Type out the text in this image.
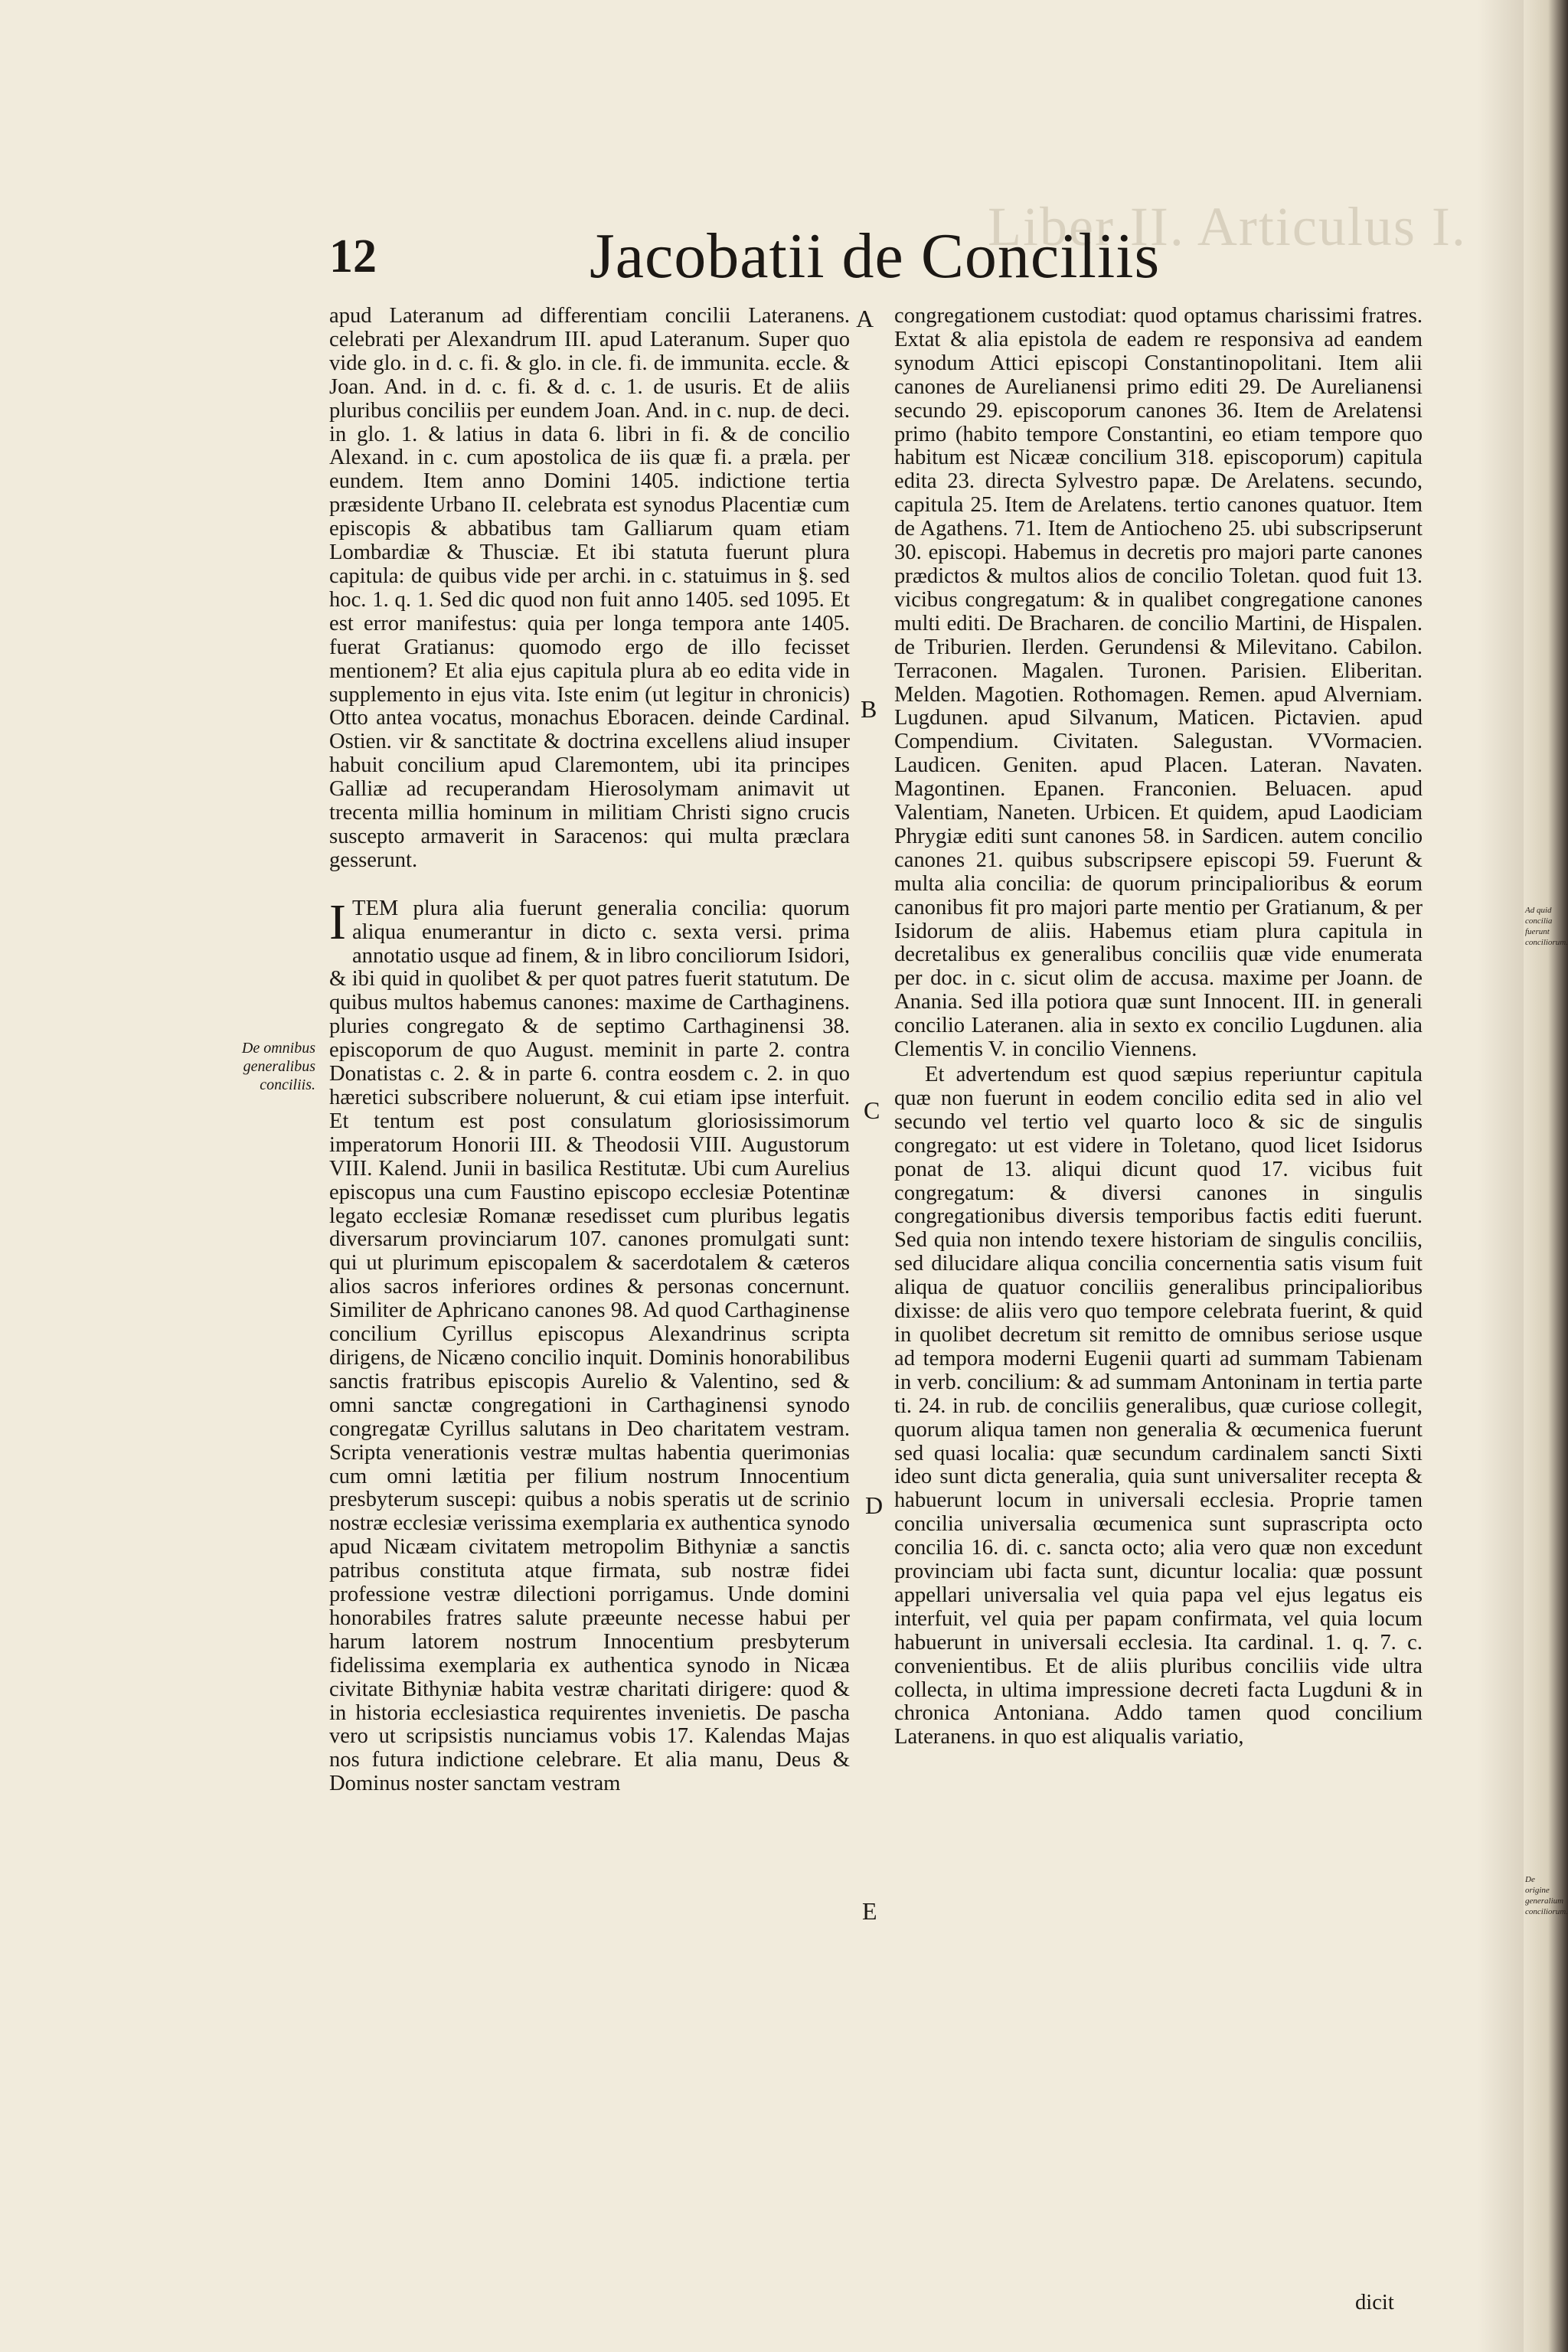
Liber II. Articulus I.
12	Jacobatii de Conciliis

apud Lateranum ad differentiam concilii Lateranens. celebrati per Alexandrum III. apud Lateranum. Super quo vide glo. in d. c. fi. & glo. in cle. fi. de immunita. eccle. & Joan. And. in d. c. fi. & d. c. 1. de usuris. Et de aliis pluribus conciliis per eundem Joan. And. in c. nup. de deci. in glo. 1. & latius in data 6. libri in fi. & de concilio Alexand. in c. cum apostolica de iis quæ fi. a præla. per eundem. Item anno Domini 1405. indictione tertia præsidente Urbano II. celebrata est synodus Placentiæ cum episcopis & abbatibus tam Galliarum quam etiam Lombardiæ & Thusciæ. Et ibi statuta fuerunt plura capitula: de quibus vide per archi. in c. statuimus in §. sed hoc. 1. q. 1. Sed dic quod non fuit anno 1405. sed 1095. Et est error manifestus: quia per longa tempora ante 1405. fuerat Gratianus: quomodo ergo de illo fecisset mentionem? Et alia ejus capitula plura ab eo edita vide in supplemento in ejus vita. Iste enim (ut legitur in chronicis) Otto antea vocatus, monachus Eboracen. deinde Cardinal. Ostien. vir & sanctitate & doctrina excellens aliud insuper habuit concilium apud Claremontem, ubi ita principes Galliæ ad recuperandam Hierosolymam animavit ut trecenta millia hominum in militiam Christi signo crucis suscepto armaverit in Saracenos: qui multa præclara gesserunt.

ITEM plura alia fuerunt generalia concilia: quorum aliqua enumerantur in dicto c. sexta versi. prima annotatio usque ad finem, & in libro conciliorum Isidori, & ibi quid in quolibet & per quot patres fuerit statutum. De quibus multos habemus canones: maxime de Carthaginens. pluries congregato & de septimo Carthaginensi 38. episcoporum de quo August. meminit in parte 2. contra Donatistas c. 2. & in parte 6. contra eosdem c. 2. in quo hæretici subscribere noluerunt, & cui etiam ipse interfuit. Et tentum est post consulatum gloriosissimorum imperatorum Honorii III. & Theodosii VIII. Augustorum VIII. Kalend. Junii in basilica Restitutæ. Ubi cum Aurelius episcopus una cum Faustino episcopo ecclesiæ Potentinæ legato ecclesiæ Romanæ resedisset cum pluribus legatis diversarum provinciarum 107. canones promulgati sunt: qui ut plurimum episcopalem & sacerdotalem & cæteros alios sacros inferiores ordines & personas concernunt. Similiter de Aphricano canones 98. Ad quod Carthaginense concilium Cyrillus episcopus Alexandrinus scripta dirigens, de Nicæno concilio inquit. Dominis honorabilibus sanctis fratribus episcopis Aurelio & Valentino, sed & omni sanctæ congregationi in Carthaginensi synodo congregatæ Cyrillus salutans in Deo charitatem vestram. Scripta venerationis vestræ multas habentia querimonias cum omni lætitia per filium nostrum Innocentium presbyterum suscepi: quibus a nobis speratis ut de scrinio nostræ ecclesiæ verissima exemplaria ex authentica synodo apud Nicæam civitatem metropolim Bithyniæ a sanctis patribus constituta atque firmata, sub nostræ fidei professione vestræ dilectioni porrigamus. Unde domini honorabiles fratres salute præeunte necesse habui per harum latorem nostrum Innocentium presbyterum fidelissima exemplaria ex authentica synodo in Nicæa civitate Bithyniæ habita vestræ charitati dirigere: quod & in historia ecclesiastica requirentes invenietis. De pascha vero ut scripsistis nunciamus vobis 17. Kalendas Majas nos futura indictione celebrare. Et alia manu, Deus & Dominus noster sanctam vestram

De omnibus generalibus conciliis.

congregationem custodiat: quod optamus charissimi fratres. Extat & alia epistola de eadem re responsiva ad eandem synodum Attici episcopi Constantinopolitani. Item alii canones de Aurelianensi primo editi 29. De Aurelianensi secundo 29. episcoporum canones 36. Item de Arelatensi primo (habito tempore Constantini, eo etiam tempore quo habitum est Nicææ concilium 318. episcoporum) capitula edita 23. directa Sylvestro papæ. De Arelatens. secundo, capitula 25. Item de Arelatens. tertio canones quatuor. Item de Agathens. 71. Item de Antiocheno 25. ubi subscripserunt 30. episcopi. Habemus in decretis pro majori parte canones prædictos & multos alios de concilio Toletan. quod fuit 13. vicibus congregatum: & in qualibet congregatione canones multi editi. De Bracharen. de concilio Martini, de Hispalen. de Triburien. Ilerden. Gerundensi & Milevitano. Cabilon. Terraconen. Magalen. Turonen. Parisien. Eliberitan. Melden. Magotien. Rothomagen. Remen. apud Alverniam. Lugdunen. apud Silvanum, Maticen. Pictavien. apud Compendium. Civitaten. Salegustan. VVormacien. Laudicen. Geniten. apud Placen. Lateran. Navaten. Magontinen. Epanen. Franconien. Beluacen. apud Valentiam, Naneten. Urbicen. Et quidem, apud Laodiciam Phrygiæ editi sunt canones 58. in Sardicen. autem concilio canones 21. quibus subscripsere episcopi 59. Fuerunt & multa alia concilia: de quorum principalioribus & eorum canonibus fit pro majori parte mentio per Gratianum, & per Isidorum de aliis. Habemus etiam plura capitula in decretalibus ex generalibus conciliis quæ vide enumerata per doc. in c. sicut olim de accusa. maxime per Joann. de Anania. Sed illa potiora quæ sunt Innocent. III. in generali concilio Lateranen. alia in sexto ex concilio Lugdunen. alia Clementis V. in concilio Viennens.

Et advertendum est quod sæpius reperiuntur capitula quæ non fuerunt in eodem concilio edita sed in alio vel secundo vel tertio vel quarto loco & sic de singulis congregato: ut est videre in Toletano, quod licet Isidorus ponat de 13. aliqui dicunt quod 17. vicibus fuit congregatum: & diversi canones in singulis congregationibus diversis temporibus factis editi fuerunt. Sed quia non intendo texere historiam de singulis conciliis, sed dilucidare aliqua concilia concernentia satis visum fuit aliqua de quatuor conciliis generalibus principalioribus dixisse: de aliis vero quo tempore celebrata fuerint, & quid in quolibet decretum sit remitto de omnibus seriose usque ad tempora moderni Eugenii quarti ad summam Tabienam in verb. concilium: & ad summam Antoninam in tertia parte ti. 24. in rub. de conciliis generalibus, quæ curiose collegit, quorum aliqua tamen non generalia & œcumenica fuerunt sed quasi localia: quæ secundum cardinalem sancti Sixti ideo sunt dicta generalia, quia sunt universaliter recepta & habuerunt locum in universali ecclesia. Proprie tamen concilia universalia œcumenica sunt suprascripta octo concilia 16. di. c. sancta octo; alia vero quæ non excedunt provinciam ubi facta sunt, dicuntur localia: quæ possunt appellari universalia vel quia papa vel ejus legatus eis interfuit, vel quia per papam confirmata, vel quia locum habuerunt in universali ecclesia. Ita cardinal. 1. q. 7. c. convenientibus. Et de aliis pluribus conciliis vide ultra collecta, in ultima impressione decreti facta Lugduni & in chronica Antoniana. Addo tamen quod concilium Lateranens. in quo est aliqualis variatio,

dicit
A
B
C
D
E
Ad quid concilia fuerunt conciliorum.
De origine generalium conciliorum.
